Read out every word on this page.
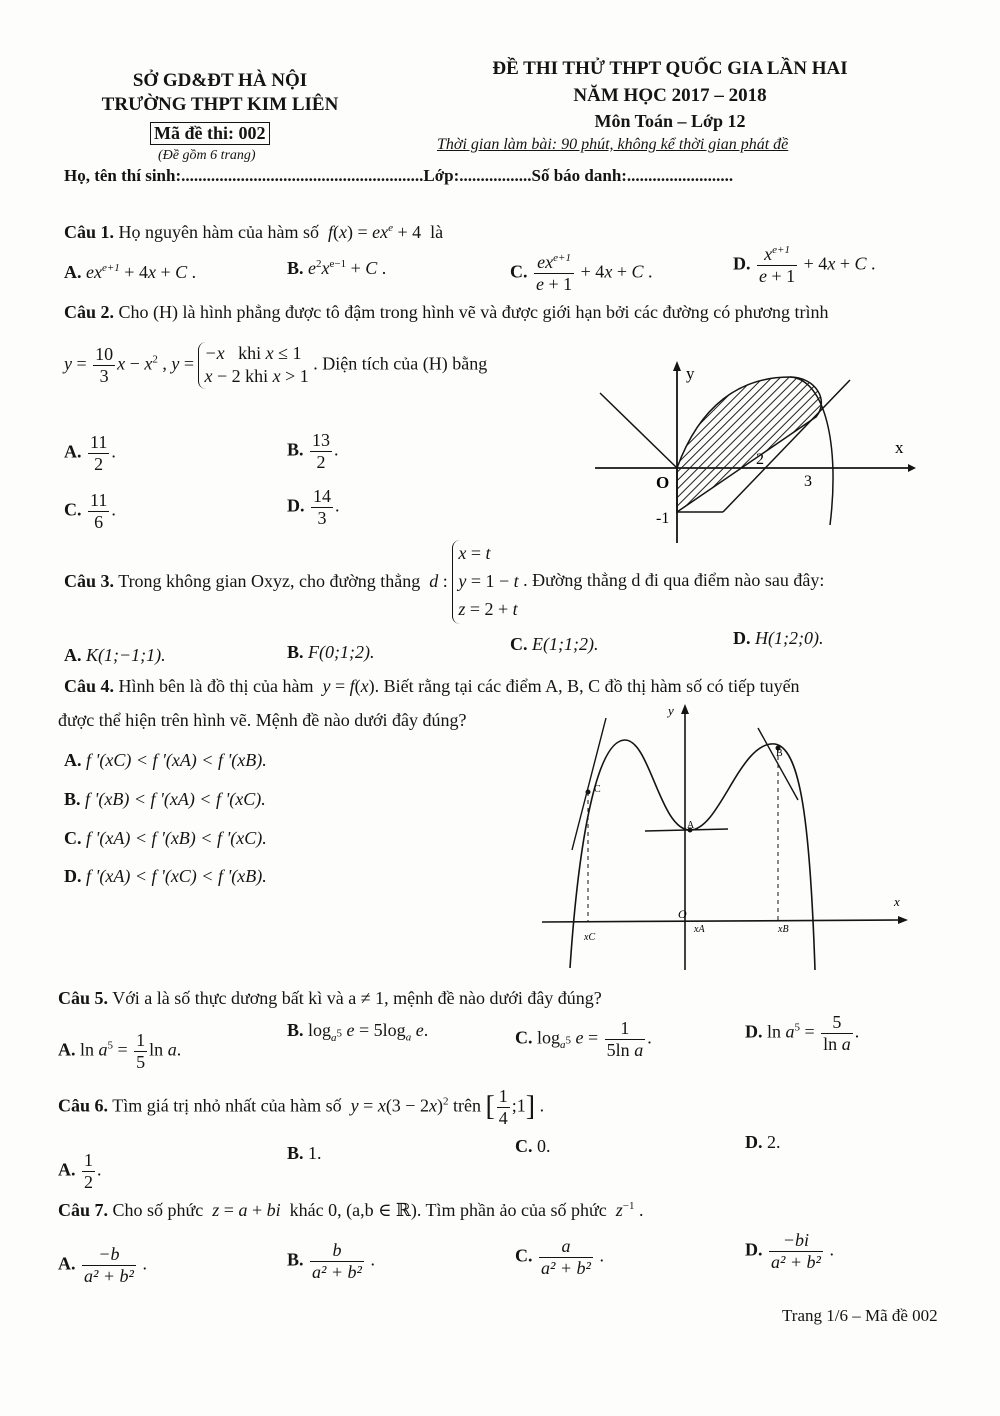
SỞ GD&ĐT HÀ NỘI
TRƯỜNG THPT KIM LIÊN
Mã đề thi: 002
(Đề gồm 6 trang)
ĐỀ THI THỬ THPT QUỐC GIA LẦN HAI
NĂM HỌC 2017 – 2018
Môn Toán – Lớp 12
Thời gian làm bài: 90 phút, không kể thời gian phát đề
Họ, tên thí sinh:.........................................................Lớp:.................Số báo danh:.........................
Câu 1. Họ nguyên hàm của hàm số  $f(x) = ex^e + 4$  là
A. $ex^{e+1} + 4x + C$ .	B. $e^2x^{e-1} + C$ .	C. $\frac{ex^{e+1}}{e + 1} + 4x + C$ .	D. $\frac{x^{e+1}}{e + 1} + 4x + C$ .
Câu 2. Cho (H) là hình phẳng được tô đậm trong hình vẽ và được giới hạn bởi các đường có phương trình
$y = \frac{10}{3}$ $x - x^2$ , y = −x   khi x ≤ 1
x − 2 khi x > 1 . Diện tích của (H) bằng
A. $\frac{11}{2}$ .	B. $\frac{13}{2}$ .
C. $\frac{11}{6}$ .	D. $\frac{14}{3}$ .
y
x
O
2
3
-1
Câu 3. Trong không gian Oxyz, cho đường thẳng  d : x = t
y = 1 − t
z = 2 + t . Đường thẳng d đi qua điểm nào sau đây:
A. K(1;−1;1).	B. F(0;1;2).	C. E(1;1;2).	D. H(1;2;0).
Câu 4. Hình bên là đồ thị của hàm  y = f(x). Biết rằng tại các điểm A, B, C đồ thị hàm số có tiếp tuyến
được thể hiện trên hình vẽ. Mệnh đề nào dưới đây đúng?
A. f '(xC) < f '(xA) < f '(xB).
B. f '(xB) < f '(xA) < f '(xC).
C. f '(xA) < f '(xB) < f '(xC).
D. f '(xA) < f '(xC) < f '(xB).
y
x
O
C
A
B
xC
xA	xB
Câu 5. Với a là số thực dương bất kì và a ≠ 1, mệnh đề nào dưới đây đúng?
A. $\ln a^5 = \frac{1}{5}$ ln a.
B. $\log_{a^5} e = 5\log_a$ e.	C. $\log_{a^5} e = \frac{1}{\text{5ln a}}$ .	D. $\ln a^5 = \frac{5}{\text{ln a}}$ .
Câu 6. Tìm giá trị nhỏ nhất của hàm số  $y = x(3 - 2x)^2$ trên [ $\frac{1}{4}$ ;1] .
A. $\frac{1}{2}$ .
B. 1.	C. 0.	D. 2.
Câu 7. Cho số phức  z = a + bi khác 0, (a,b ∈ ℝ). Tìm phần ảo của số phức  $z^{-1}$ .
A. $\frac{-b}{\text{a² + b²}}$ .	B. $\frac{b}{\text{a² + b²}}$ .	C. $\frac{a}{\text{a² + b²}}$ .	D. $\frac{-bi}{\text{a² + b²}}$ .
Trang 1/6 – Mã đề 002
